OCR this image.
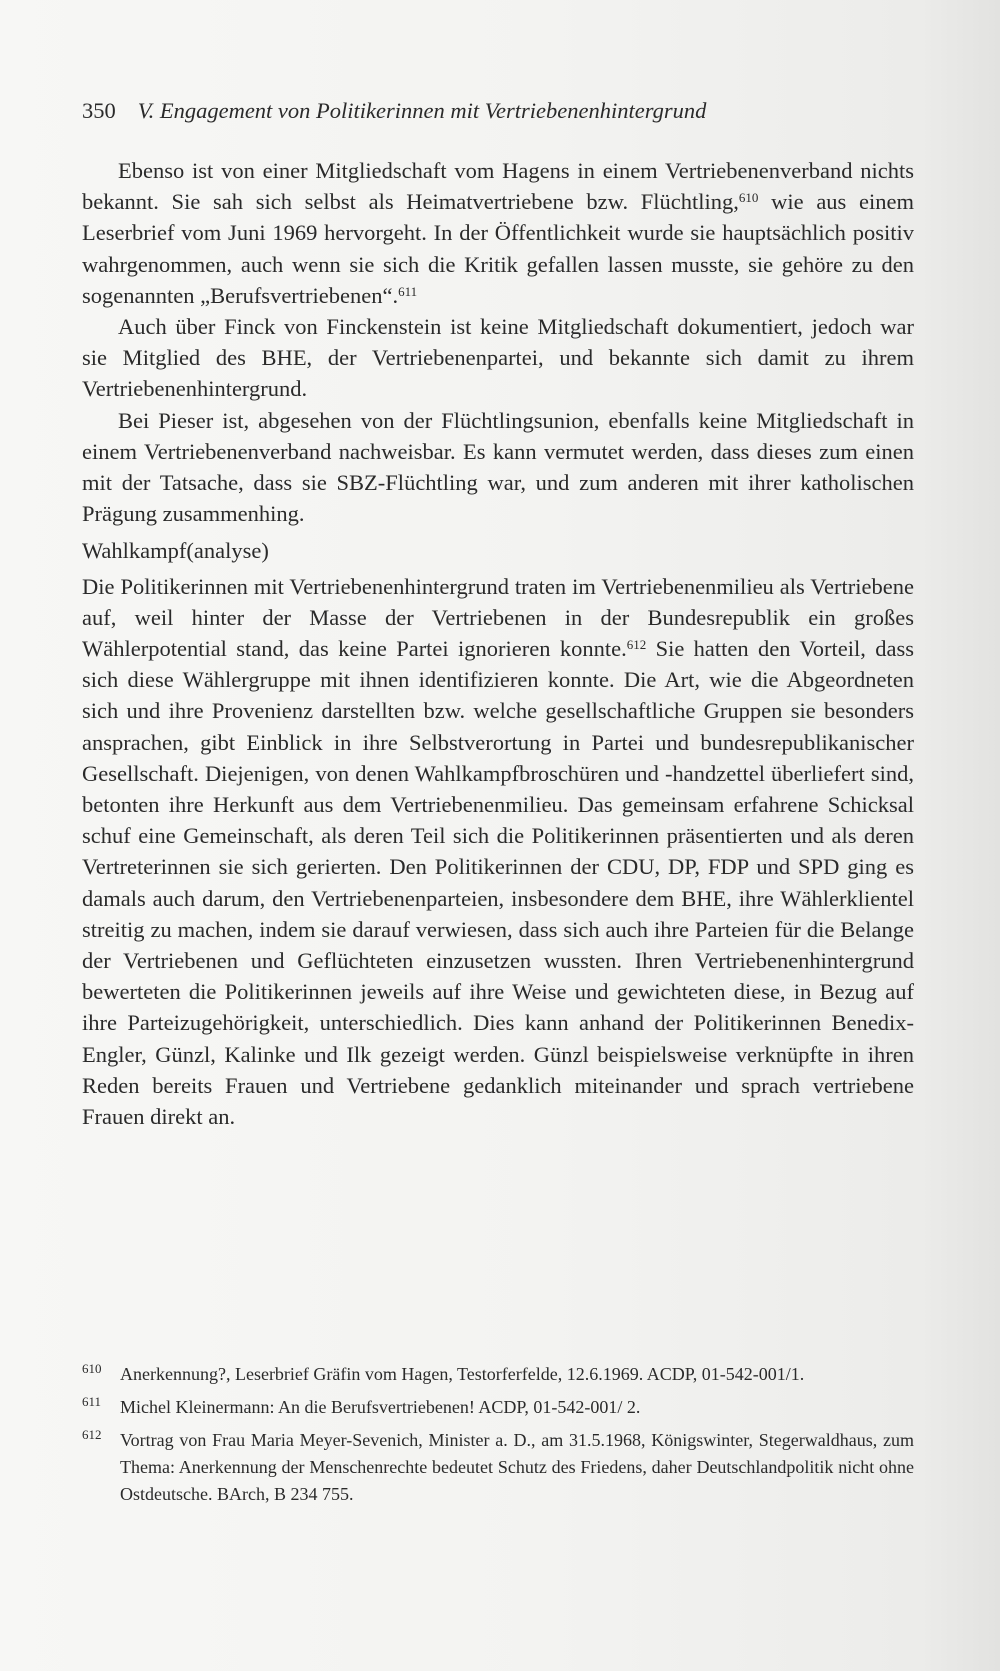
350 V. Engagement von Politikerinnen mit Vertriebenenhintergrund

Ebenso ist von einer Mitgliedschaft vom Hagens in einem Vertriebenenverband nichts bekannt. Sie sah sich selbst als Heimatvertriebene bzw. Flüchtling,$^{610}$ wie aus einem Leserbrief vom Juni 1969 hervorgeht. In der Öffentlichkeit wurde sie hauptsächlich positiv wahrgenommen, auch wenn sie sich die Kritik gefallen lassen musste, sie gehöre zu den sogenannten „Berufsvertriebenen“.$^{611}$

Auch über Finck von Finckenstein ist keine Mitgliedschaft dokumentiert, jedoch war sie Mitglied des BHE, der Vertriebenenpartei, und bekannte sich damit zu ihrem Vertriebenenhintergrund.

Bei Pieser ist, abgesehen von der Flüchtlingsunion, ebenfalls keine Mitgliedschaft in einem Vertriebenenverband nachweisbar. Es kann vermutet werden, dass dieses zum einen mit der Tatsache, dass sie SBZ-Flüchtling war, und zum anderen mit ihrer katholischen Prägung zusammenhing.

Wahlkampf(analyse)

Die Politikerinnen mit Vertriebenenhintergrund traten im Vertriebenenmilieu als Vertriebene auf, weil hinter der Masse der Vertriebenen in der Bundesrepublik ein großes Wählerpotential stand, das keine Partei ignorieren konnte.$^{612}$ Sie hatten den Vorteil, dass sich diese Wählergruppe mit ihnen identifizieren konnte. Die Art, wie die Abgeordneten sich und ihre Provenienz darstellten bzw. welche gesellschaftliche Gruppen sie besonders ansprachen, gibt Einblick in ihre Selbstverortung in Partei und bundesrepublikanischer Gesellschaft. Diejenigen, von denen Wahlkampfbroschüren und -handzettel überliefert sind, betonten ihre Herkunft aus dem Vertriebenenmilieu. Das gemeinsam erfahrene Schicksal schuf eine Gemeinschaft, als deren Teil sich die Politikerinnen präsentierten und als deren Vertreterinnen sie sich gerierten. Den Politikerinnen der CDU, DP, FDP und SPD ging es damals auch darum, den Vertriebenenparteien, insbesondere dem BHE, ihre Wählerklientel streitig zu machen, indem sie darauf verwiesen, dass sich auch ihre Parteien für die Belange der Vertriebenen und Geflüchteten einzusetzen wussten. Ihren Vertriebenenhintergrund bewerteten die Politikerinnen jeweils auf ihre Weise und gewichteten diese, in Bezug auf ihre Parteizugehörigkeit, unterschiedlich. Dies kann anhand der Politikerinnen Benedix-Engler, Günzl, Kalinke und Ilk gezeigt werden. Günzl beispielsweise verknüpfte in ihren Reden bereits Frauen und Vertriebene gedanklich miteinander und sprach vertriebene Frauen direkt an.

610	Anerkennung?, Leserbrief Gräfin vom Hagen, Testorferfelde, 12.6.1969. ACDP, 01-542-001/1.
611	Michel Kleinermann: An die Berufsvertriebenen! ACDP, 01-542-001/ 2.
612	Vortrag von Frau Maria Meyer-Sevenich, Minister a. D., am 31.5.1968, Königswinter, Stegerwaldhaus, zum Thema: Anerkennung der Menschenrechte bedeutet Schutz des Friedens, daher Deutschlandpolitik nicht ohne Ostdeutsche. BArch, B 234 755.
